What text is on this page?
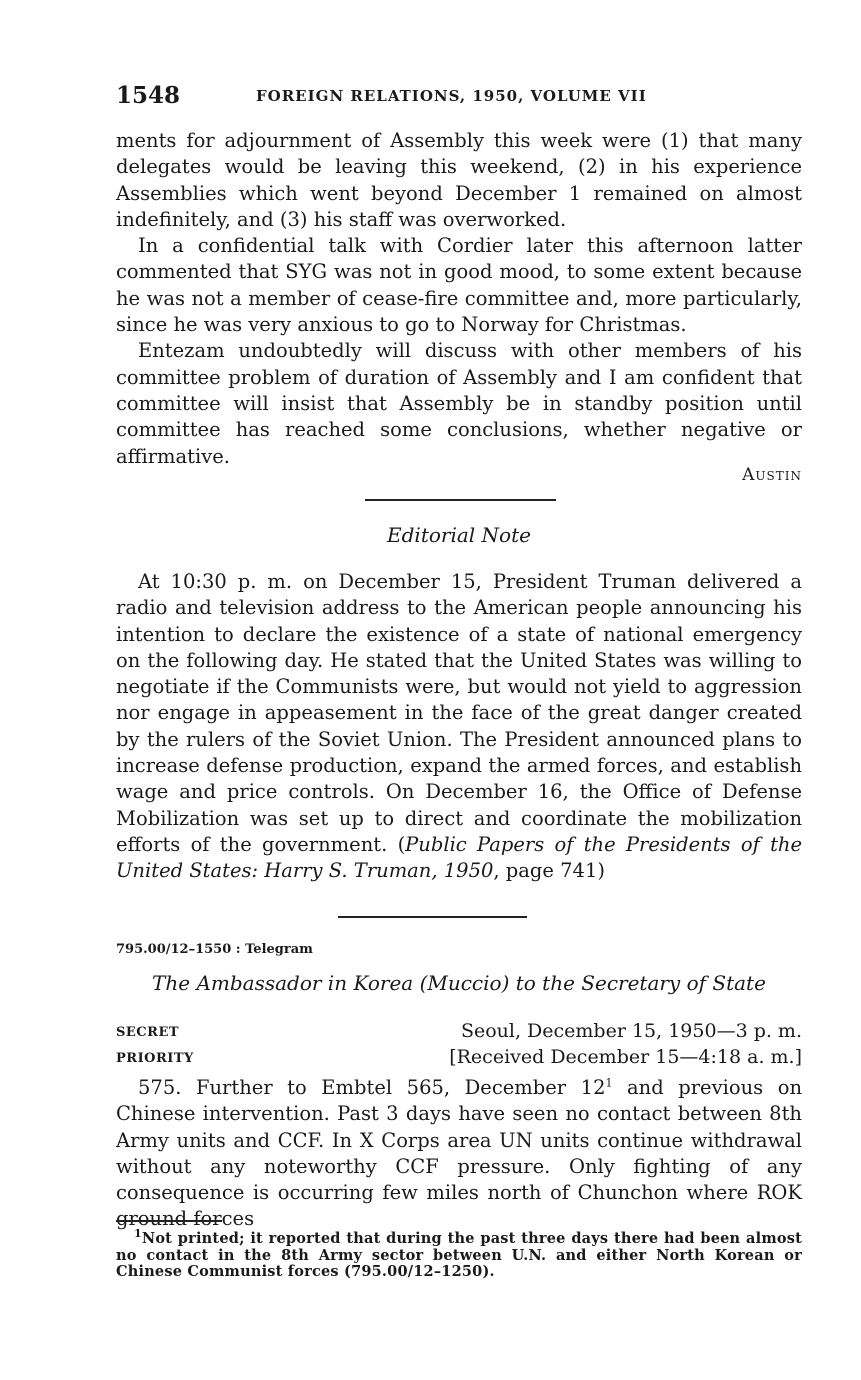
1548	FOREIGN RELATIONS, 1950, VOLUME VII

ments for adjournment of Assembly this week were (1) that many delegates would be leaving this weekend, (2) in his experience Assemblies which went beyond December 1 remained on almost indefinitely, and (3) his staff was overworked.

In a confidential talk with Cordier later this afternoon latter commented that SYG was not in good mood, to some extent because he was not a member of cease-fire committee and, more particularly, since he was very anxious to go to Norway for Christmas.

Entezam undoubtedly will discuss with other members of his committee problem of duration of Assembly and I am confident that committee will insist that Assembly be in standby position until committee has reached some conclusions, whether negative or affirmative.

Austin
Editorial Note

At 10:30 p. m. on December 15, President Truman delivered a radio and television address to the American people announcing his intention to declare the existence of a state of national emergency on the following day. He stated that the United States was willing to negotiate if the Communists were, but would not yield to aggression nor engage in appeasement in the face of the great danger created by the rulers of the Soviet Union. The President announced plans to increase defense production, expand the armed forces, and establish wage and price controls. On December 16, the Office of Defense Mobilization was set up to direct and coordinate the mobilization efforts of the government. (Public Papers of the Presidents of the United States: Harry S. Truman, 1950, page 741)

795.00/12–1550 : Telegram
The Ambassador in Korea (Muccio) to the Secretary of State
SECRET	Seoul, December 15, 1950—3 p. m.
PRIORITY	[Received December 15—4:18 a. m.]

575. Further to Embtel 565, December $12^1$ and previous on Chinese intervention. Past 3 days have seen no contact between 8th Army units and CCF. In X Corps area UN units continue withdrawal without any noteworthy CCF pressure. Only fighting of any consequence is occurring few miles north of Chunchon where ROK ground forces

$^1$Not printed; it reported that during the past three days there had been almost no contact in the 8th Army sector between U.N. and either North Korean or Chinese Communist forces (795.00/12–1250).
